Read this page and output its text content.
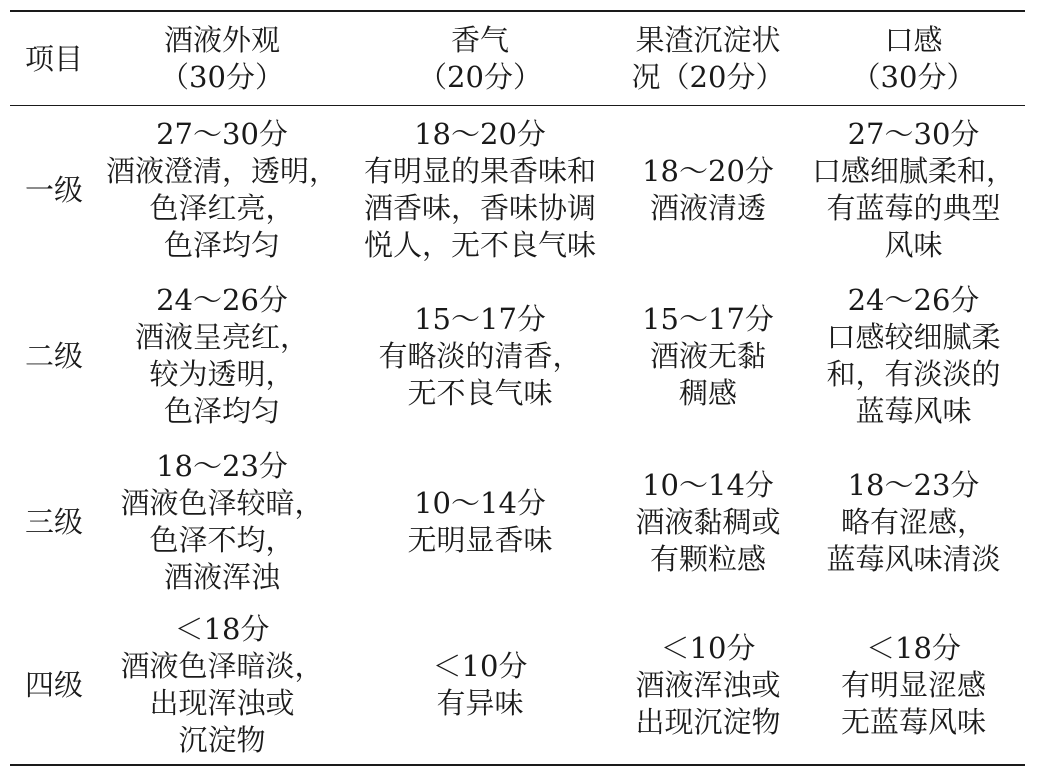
项目
酒液外观
（30分）
香气
（20分）
果渣沉淀状
况（20分）
口感
（30分）
一级
27～30分
酒液澄清，透明，
色泽红亮，
色泽均匀
18～20分
有明显的果香味和
酒香味，香味协调
悦人，无不良气味
18～20分
酒液清透
27～30分
口感细腻柔和，
有蓝莓的典型
风味
二级
24～26分
酒液呈亮红，
较为透明，
色泽均匀
15～17分
有略淡的清香，
无不良气味
15～17分
酒液无黏
稠感
24～26分
口感较细腻柔
和，有淡淡的
蓝莓风味
三级
18～23分
酒液色泽较暗，
色泽不均，
酒液浑浊
10～14分
无明显香味
10～14分
酒液黏稠或
有颗粒感
18～23分
略有涩感，
蓝莓风味清淡
四级
＜18分
酒液色泽暗淡，
出现浑浊或
沉淀物
＜10分
有异味
＜10分
酒液浑浊或
出现沉淀物
＜18分
有明显涩感
无蓝莓风味
